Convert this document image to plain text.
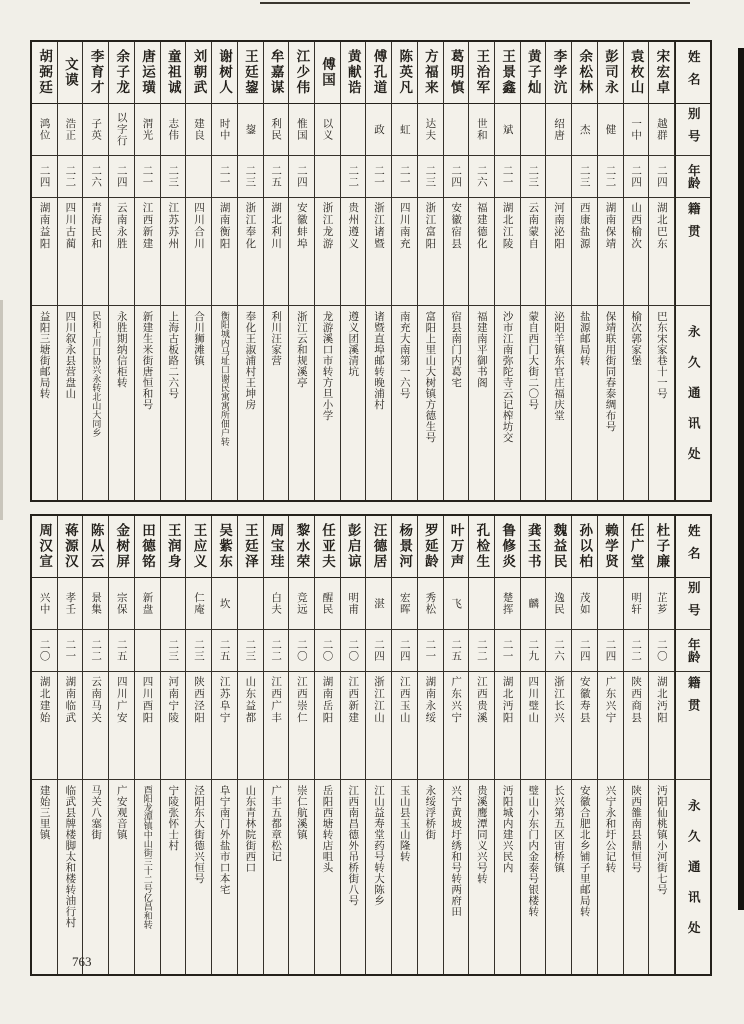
姓名
别号
年龄
籍贯
永久通讯处
宋宏卓
越群
二四
湖北巴东
巴东宋家巷十一号
袁枚山
一中
二四
山西榆次
榆次郭家堡
彭司永
健
二二
湖南保靖
保靖联用街同春泰绸布号
余松林
杰
二三
西康盐源
盐源邮局转
李学沆
绍唐
河南泌阳
泌阳羊镇东官庄福庆堂
黄子灿
二三
云南蒙自
蒙自西门大街二〇号
王景鑫
斌
二一
湖北江陵
沙市江南弥陀寺云记榨坊交
王治军
世和
二六
福建德化
福建南平御书阁
葛明慎
二四
安徽宿县
宿县南门内葛宅
方福来
达夫
二三
浙江富阳
富阳上里山大树镇方德生号
陈英凡
虹
二一
四川南充
南充大南第一六号
傅孔道
政
二一
浙江诸暨
诸暨直埠邮转晚浦村
黄献诰
二二
贵州遵义
遵义团溪清坑
傅国
以义
浙江龙游
龙游溪口市转方旦小学
江少伟
惟国
二四
安徽蚌埠
浙江云和规溪亭
牟嘉谋
利民
二五
湖北利川
利川汪家营
王廷鋆
鋆
二三
浙江奉化
奉化王淑浦村王坤房
谢树人
时中
二一
湖南衡阳
衡阳城内马址口谢民寓寓所佃户转
刘朝武
建良
四川合川
合川狮滩镇
童祖诚
志伟
二三
江苏苏州
上海古板路二六号
唐运璜
渭光
二一
江西新建
新建生米街唐恒和号
余子龙
以字行
二四
云南永胜
永胜期纳信柜转
李育才
子英
二六
青海民和
民和上川口协兴永转北山大同乡
文谟
浩正
二二
四川古蔺
四川叙永县营盘山
胡弼廷
鸿位
二四
湖南益阳
益阳三塘街邮局转
姓名
别号
年龄
籍贯
永久通讯处
杜子廉
芷芗
二〇
湖北沔阳
沔阳仙桃镇小河街七号
任广堂
明轩
二二
陕西商县
陕西雒南县鼎恒号
赖学贤
二四
广东兴宁
兴宁永和圩公记转
孙以柏
茂如
二四
安徽寿县
安徽合肥北乡铺子里邮局转
魏益民
逸民
二六
浙江长兴
长兴第五区宙桥镇
龚玉书
麟
二九
四川璧山
璧山小东门内金泰号银楼转
鲁修炎
楚挥
二一
湖北沔阳
沔阳城内建兴民内
孔检生
二二
江西贵溪
贵溪鹰潭同义兴号转
叶万声
飞
二五
广东兴宁
兴宁黄坡圩绣和号转两府田
罗延龄
秀松
二一
湖南永绥
永绥浮桥街
杨景河
宏晖
二四
江西玉山
玉山县玉山隆转
汪德居
湛
二四
浙江江山
江山益寿堂药号转大陈乡
彭启谅
明甫
二〇
江西新建
江西南昌德外吊桥街八号
任亚夫
醒民
二〇
湖南岳阳
岳阳西塘转店咀头
黎水荣
竞远
二〇
江西崇仁
崇仁航溪镇
周宝珪
白夫
二二
江西广丰
广丰五都章松记
王廷泽
二三
山东益都
山东青林院街西口
吴紫东
坎
二五
江苏阜宁
阜宁南门外盐市口本宅
王应义
仁庵
二三
陕西泾阳
泾阳东大街德兴恒号
王润身
二三
河南宁陵
宁陵张怀士村
田德铭
新盘
四川酉阳
酉阳龙潭镇中山街三十二号亿昌和转
金树屏
宗保
二五
四川广安
广安观音镇
陈从云
景集
二二
云南马关
马关八塞街
蒋源汉
孝壬
二一
湖南临武
临武县牌楼脚太和楼转油行村
周汉宣
兴中
二〇
湖北建始
建始三里镇
763
